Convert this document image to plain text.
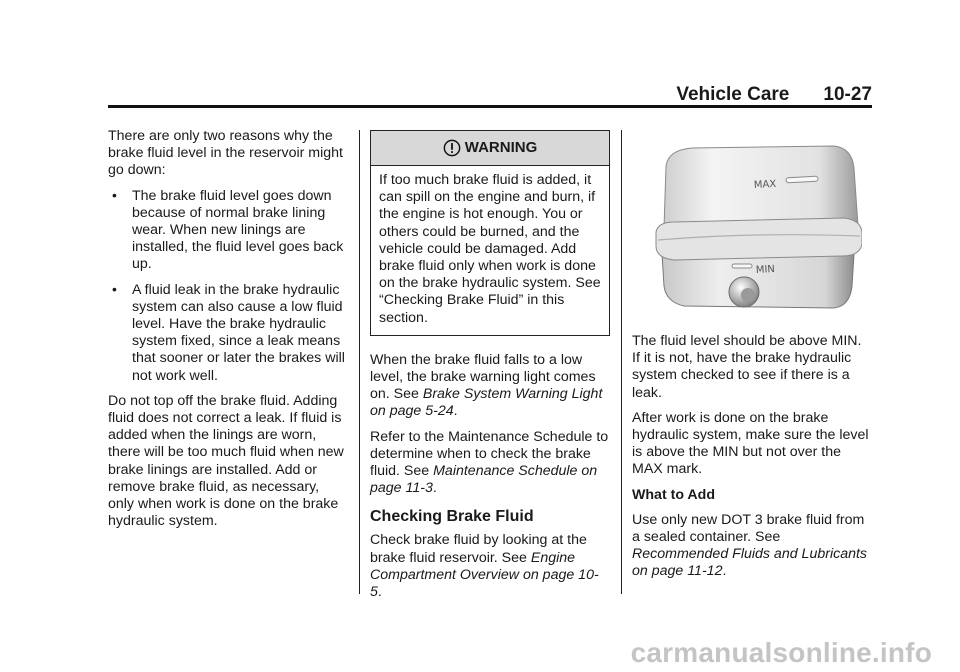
Vehicle Care 10-27

There are only two reasons why the brake fluid level in the reservoir might go down:

• The brake fluid level goes down because of normal brake lining wear. When new linings are installed, the fluid level goes back up.
• A fluid leak in the brake hydraulic system can also cause a low fluid level. Have the brake hydraulic system fixed, since a leak means that sooner or later the brakes will not work well.

Do not top off the brake fluid. Adding fluid does not correct a leak. If fluid is added when the linings are worn, there will be too much fluid when new brake linings are installed. Add or remove brake fluid, as necessary, only when work is done on the brake hydraulic system.

WARNING
If too much brake fluid is added, it can spill on the engine and burn, if the engine is hot enough. You or others could be burned, and the vehicle could be damaged. Add brake fluid only when work is done on the brake hydraulic system. See “Checking Brake Fluid” in this section.

When the brake fluid falls to a low level, the brake warning light comes on. See Brake System Warning Light on page 5-24.

Refer to the Maintenance Schedule to determine when to check the brake fluid. See Maintenance Schedule on page 11-3.

Checking Brake Fluid

Check brake fluid by looking at the brake fluid reservoir. See Engine Compartment Overview on page 10-5.

MAX
MIN

The fluid level should be above MIN. If it is not, have the brake hydraulic system checked to see if there is a leak.

After work is done on the brake hydraulic system, make sure the level is above the MIN but not over the MAX mark.

What to Add

Use only new DOT 3 brake fluid from a sealed container. See Recommended Fluids and Lubricants on page 11-12.

carmanualsonline.info
